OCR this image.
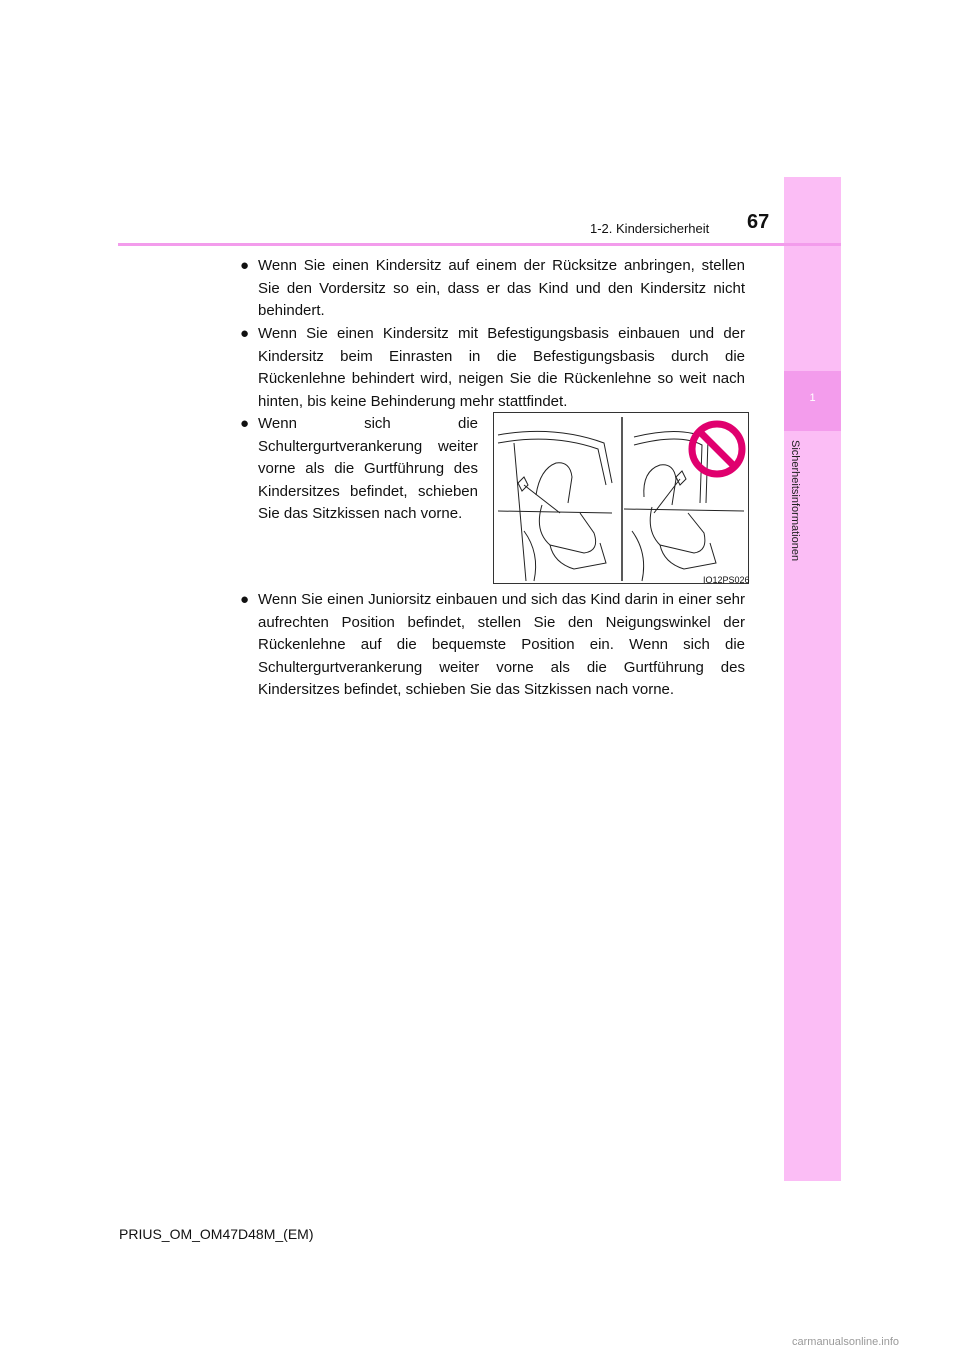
1
Sicherheitsinformationen
1-2. Kindersicherheit 67
● Wenn Sie einen Kindersitz auf einem der Rücksitze anbringen, stellen Sie den Vordersitz so ein, dass er das Kind und den Kindersitz nicht behindert.
● Wenn Sie einen Kindersitz mit Befestigungsbasis einbauen und der Kindersitz beim Einrasten in die Befestigungsbasis durch die Rückenlehne behindert wird, neigen Sie die Rückenlehne so weit nach hinten, bis keine Behinderung mehr stattfindet.
● Wenn sich die Schultergurtverankerung weiter vorne als die Gurtführung des Kindersitzes befindet, schieben Sie das Sitzkissen nach vorne.
● Wenn Sie einen Juniorsitz einbauen und sich das Kind darin in einer sehr aufrechten Position befindet, stellen Sie den Neigungswinkel der Rückenlehne auf die bequemste Position ein. Wenn sich die Schultergurtverankerung weiter vorne als die Gurtführung des Kindersitzes befindet, schieben Sie das Sitzkissen nach vorne.
IO12PS026
PRIUS_OM_OM47D48M_(EM)
carmanualsonline.info
